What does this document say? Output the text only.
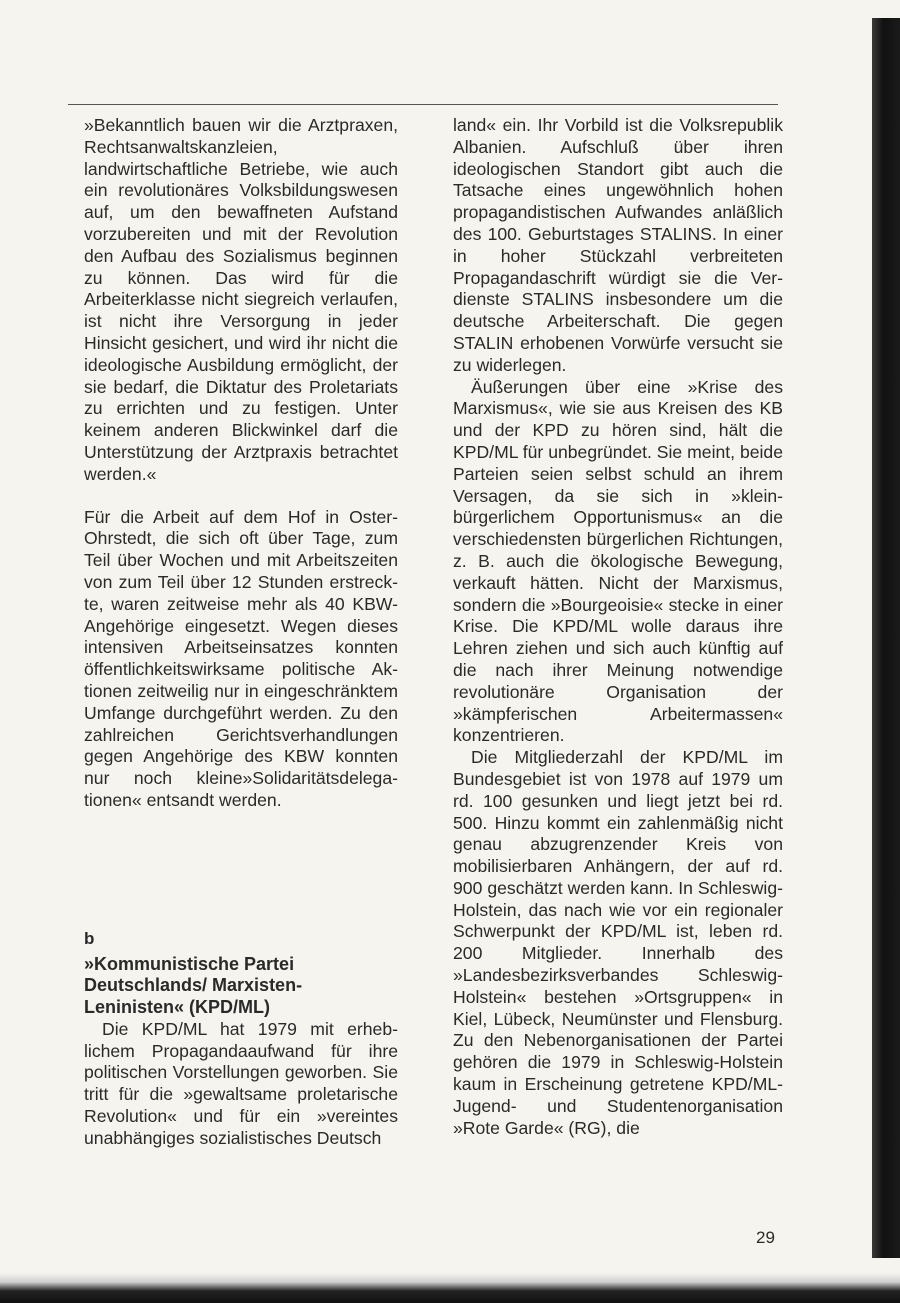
»Bekanntlich bauen wir die Arztpraxen, Rechtsanwaltskanzleien, landwirtschaftliche Betriebe, wie auch ein revolutionäres Volksbildungswesen auf, um den bewaffneten Aufstand vorzubereiten und mit der Revolution den Aufbau des Sozialismus beginnen zu können. Das wird für die Arbeiterklasse nicht siegreich verlaufen, ist nicht ihre Versorgung in jeder Hinsicht gesichert, und wird ihr nicht die ideologische Ausbildung ermöglicht, der sie bedarf, die Diktatur des Proletariats zu errichten und zu festigen. Unter keinem anderen Blickwinkel darf die Unterstützung der Arztpraxis betrachtet werden.«

Für die Arbeit auf dem Hof in OsterOhrstedt, die sich oft über Tage, zum Teil über Wochen und mit Arbeitszeiten von zum Teil über 12 Stunden erstreckte, waren zeitweise mehr als 40 KBW-Angehörige eingesetzt. Wegen dieses intensiven Arbeitseinsatzes konnten öffentlichkeitswirksame politische Aktionen zeitweilig nur in eingeschränktem Umfange durchgeführt werden. Zu den zahlreichen Gerichtsverhandlungen gegen Angehörige des KBW konnten nur noch kleine»Solidaritätsdelegationen« entsandt werden.

b

»Kommunistische Partei Deutschlands/ Marxisten-Leninisten« (KPD/ML)

Die KPD/ML hat 1979 mit erheblichem Propagandaaufwand für ihre politischen Vorstellungen geworben. Sie tritt für die »gewaltsame proletarische Revolution« und für ein »vereintes unabhängiges sozialistisches Deutsch

land« ein. Ihr Vorbild ist die Volksrepublik Albanien. Aufschluß über ihren ideologischen Standort gibt auch die Tatsache eines ungewöhnlich hohen propagandistischen Aufwandes anläßlich des 100. Geburtstages STALINS. In einer in hoher Stückzahl verbreiteten Propagandaschrift würdigt sie die Verdienste STALINS insbesondere um die deutsche Arbeiterschaft. Die gegen STALIN erhobenen Vorwürfe versucht sie zu widerlegen.

Äußerungen über eine »Krise des Marxismus«, wie sie aus Kreisen des KB und der KPD zu hören sind, hält die KPD/ML für unbegründet. Sie meint, beide Parteien seien selbst schuld an ihrem Versagen, da sie sich in »kleinbürgerlichem Opportunismus« an die verschiedensten bürgerlichen Richtungen, z. B. auch die ökologische Bewegung, verkauft hätten. Nicht der Marxismus, sondern die »Bourgeoisie« stecke in einer Krise. Die KPD/ML wolle daraus ihre Lehren ziehen und sich auch künftig auf die nach ihrer Meinung notwendige revolutionäre Organisation der »kämpferischen Arbeitermassen« konzentrieren.

Die Mitgliederzahl der KPD/ML im Bundesgebiet ist von 1978 auf 1979 um rd. 100 gesunken und liegt jetzt bei rd. 500. Hinzu kommt ein zahlenmäßig nicht genau abzugrenzender Kreis von mobilisierbaren Anhängern, der auf rd. 900 geschätzt werden kann. In Schleswig-Holstein, das nach wie vor ein regionaler Schwerpunkt der KPD/ML ist, leben rd. 200 Mitglieder. Innerhalb des »Landesbezirksverbandes Schleswig-Holstein« bestehen »Ortsgruppen« in Kiel, Lübeck, Neumünster und Flensburg. Zu den Nebenorganisationen der Partei gehören die 1979 in Schleswig-Holstein kaum in Erscheinung getretene KPD/ML-Jugend- und Studentenorganisation »Rote Garde« (RG), die

29
